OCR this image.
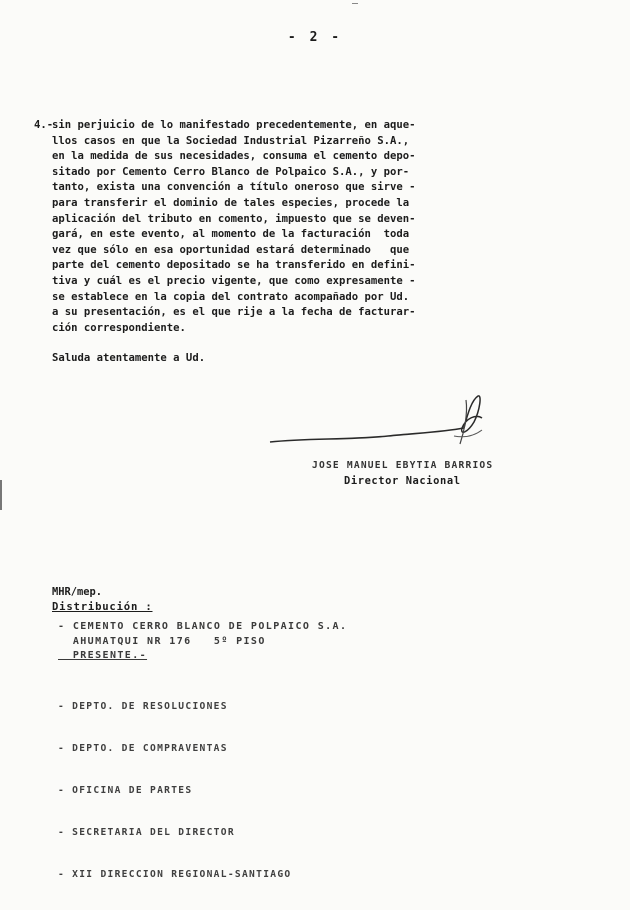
- 2 -
4.-
sin perjuicio de lo manifestado precedentemente, en aque-
llos casos en que la Sociedad Industrial Pizarreño S.A.,
en la medida de sus necesidades, consuma el cemento depo-
sitado por Cemento Cerro Blanco de Polpaico S.A., y por-
tanto, exista una convención a título oneroso que sirve -
para transferir el dominio de tales especies, procede la
aplicación del tributo en comento, impuesto que se deven-
gará, en este evento, al momento de la facturación  toda
vez que sólo en esa oportunidad estará determinado   que
parte del cemento depositado se ha transferido en defini-
tiva y cuál es el precio vigente, que como expresamente -
se establece en la copia del contrato acompañado por Ud.
a su presentación, es el que rije a la fecha de facturar-
ción correspondiente.
Saluda atentamente a Ud.
JOSE MANUEL EBYTIA BARRIOS
Director Nacional
MHR/mep.
Distribución :
- CEMENTO CERRO BLANCO DE POLPAICO S.A.
AHUMATQUI NR 176   5º PISO
PRESENTE.-

- DEPTO. DE RESOLUCIONES

- DEPTO. DE COMPRAVENTAS

- OFICINA DE PARTES

- SECRETARIA DEL DIRECTOR

- XII DIRECCION REGIONAL-SANTIAGO
